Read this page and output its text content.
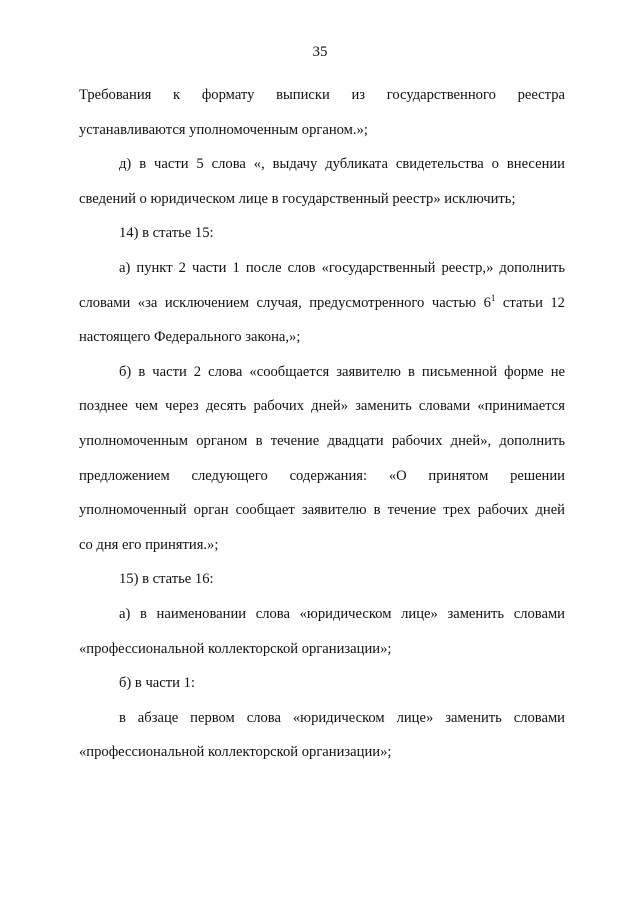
35

Требования к формату выписки из государственного реестра
устанавливаются уполномоченным органом.»;

д) в части 5 слова «, выдачу дубликата свидетельства о внесении
сведений о юридическом лице в государственный реестр» исключить;

14) в статье 15:

а) пункт 2 части 1 после слов «государственный реестр,» дополнить
словами «за исключением случая, предусмотренного частью $6^1$ статьи 12
настоящего Федерального закона,»;

б) в части 2 слова «сообщается заявителю в письменной форме не
позднее чем через десять рабочих дней» заменить словами «принимается
уполномоченным органом в течение двадцати рабочих дней», дополнить
предложением следующего содержания: «О принятом решении
уполномоченный орган сообщает заявителю в течение трех рабочих дней
со дня его принятия.»;

15) в статье 16:

а) в наименовании слова «юридическом лице» заменить словами
«профессиональной коллекторской организации»;

б) в части 1:

в абзаце первом слова «юридическом лице» заменить словами
«профессиональной коллекторской организации»;
